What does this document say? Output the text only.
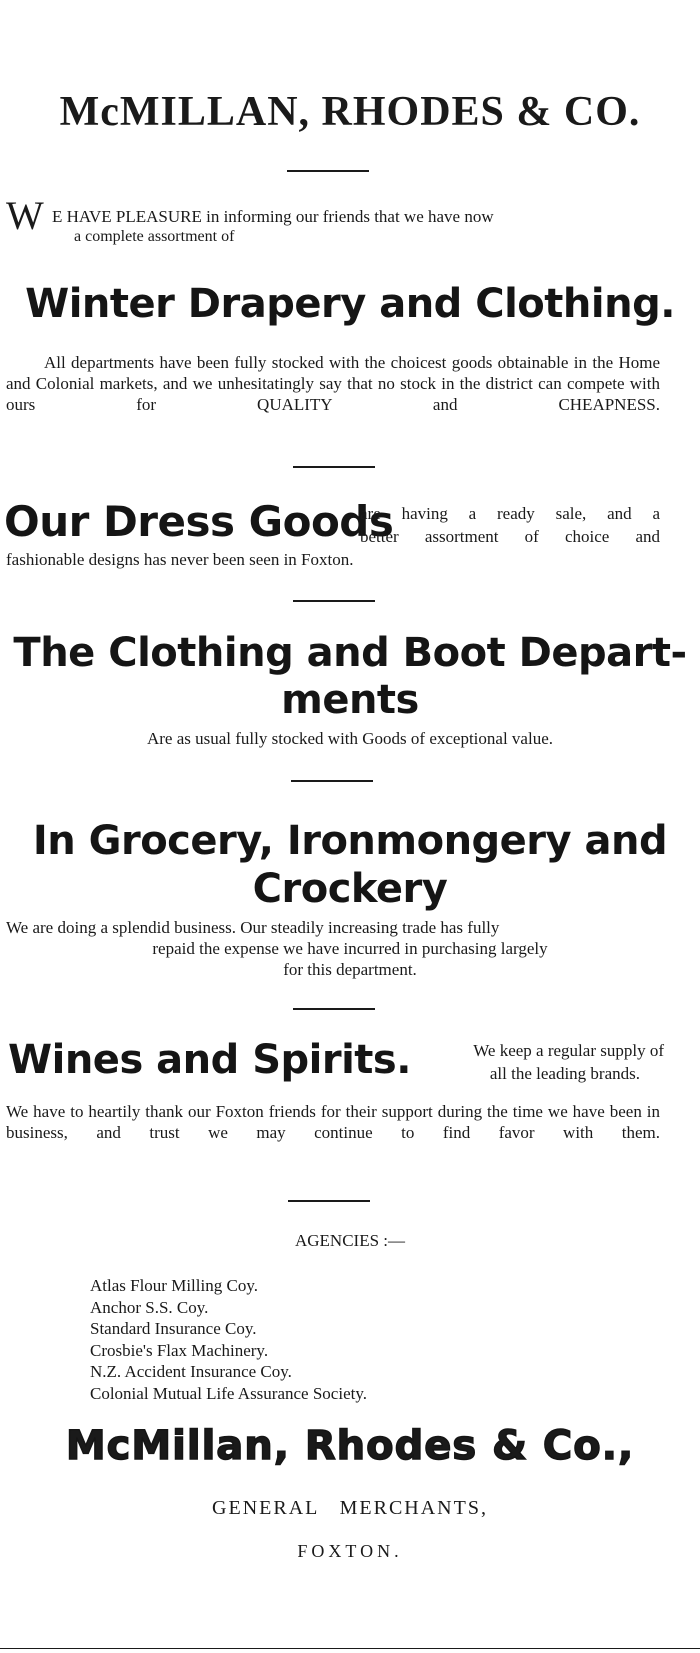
McMILLAN, RHODES & CO.
W E HAVE PLEASURE in informing our friends that we have now
a complete assortment of
Winter Drapery and Clothing.
All departments have been fully stocked with the choicest goods obtainable in the Home and Colonial markets, and we unhesitatingly say that no stock in the district can compete with ours for QUALITY and CHEAPNESS.
Our Dress Goods
are having a ready sale, and a
better assortment of choice and
fashionable designs has never been seen in Foxton.
The Clothing and Boot Depart-
ments
Are as usual fully stocked with Goods of exceptional value.
In Grocery, Ironmongery and
Crockery
We are doing a splendid business. Our steadily increasing trade has fully
repaid the expense we have incurred in purchasing largely
for this department.
Wines and Spirits.	We keep a regular supply of
all the leading brands.
We have to heartily thank our Foxton friends for their support during the time we have been in business, and trust we may continue to find favor with them.
AGENCIES :—
Atlas Flour Milling Coy.
Anchor S.S. Coy.
Standard Insurance Coy.
Crosbie's Flax Machinery.
N.Z. Accident Insurance Coy.
Colonial Mutual Life Assurance Society.
McMillan, Rhodes & Co.,
GENERAL   MERCHANTS,
FOXTON.
